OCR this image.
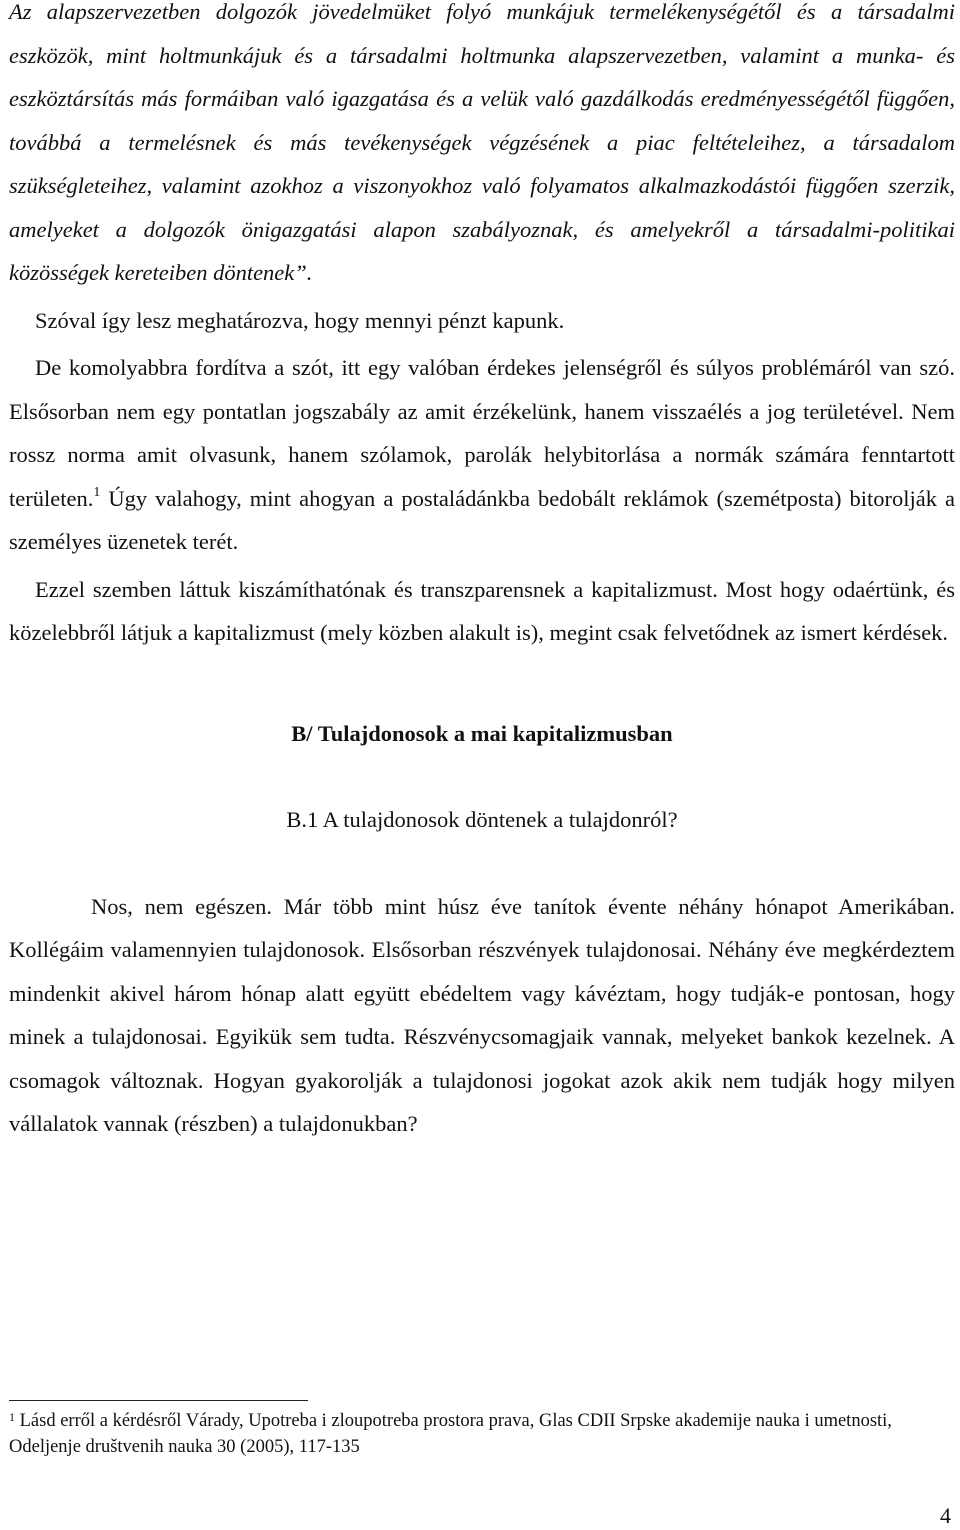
Az alapszervezetben dolgozók jövedelmüket folyó munkájuk termelékenységétől és a társadalmi eszközök, mint holtmunkájuk és a társadalmi holtmunka alapszervezetben, valamint a munka- és eszköztársítás más formáiban való igazgatása és a velük való gazdálkodás eredményességétől függően, továbbá a termelésnek és más tevékenységek végzésének a piac feltételeihez, a társadalom szükségleteihez, valamint azokhoz a viszonyokhoz való folyamatos alkalmazkodástói függően szerzik, amelyeket a dolgozók önigazgatási alapon szabályoznak, és amelyekről a társadalmi-politikai közösségek kereteiben döntenek”.

Szóval így lesz meghatározva, hogy mennyi pénzt kapunk.

De komolyabbra fordítva a szót, itt egy valóban érdekes jelenségről és súlyos problémáról van szó. Elsősorban nem egy pontatlan jogszabály az amit érzékelünk, hanem visszaélés a jog területével. Nem rossz norma amit olvasunk, hanem szólamok, parolák helybitorlása a normák számára fenntartott területen.$^1$ Úgy valahogy, mint ahogyan a postaládánkba bedobált reklámok (szemétposta) bitorolják a személyes üzenetek terét.

Ezzel szemben láttuk kiszámíthatónak és transzparensnek a kapitalizmust. Most hogy odaértünk, és közelebbről látjuk a kapitalizmust (mely közben alakult is), megint csak felvetődnek az ismert kérdések.

B/ Tulajdonosok a mai kapitalizmusban

B.1 A tulajdonosok döntenek a tulajdonról?

Nos, nem egészen. Már több mint húsz éve tanítok évente néhány hónapot Amerikában. Kollégáim valamennyien tulajdonosok. Elsősorban részvények tulajdonosai. Néhány éve megkérdeztem mindenkit akivel három hónap alatt együtt ebédeltem vagy kávéztam, hogy tudják-e pontosan, hogy minek a tulajdonosai. Egyikük sem tudta. Részvénycsomagjaik vannak, melyeket bankok kezelnek. A csomagok változnak. Hogyan gyakorolják a tulajdonosi jogokat azok akik nem tudják hogy milyen vállalatok vannak (részben) a tulajdonukban?

$^1$ Lásd erről a kérdésről Várady, Upotreba i zloupotreba prostora prava, Glas CDII Srpske akademije nauka i umetnosti, Odeljenje društvenih nauka 30 (2005), 117-135

4
